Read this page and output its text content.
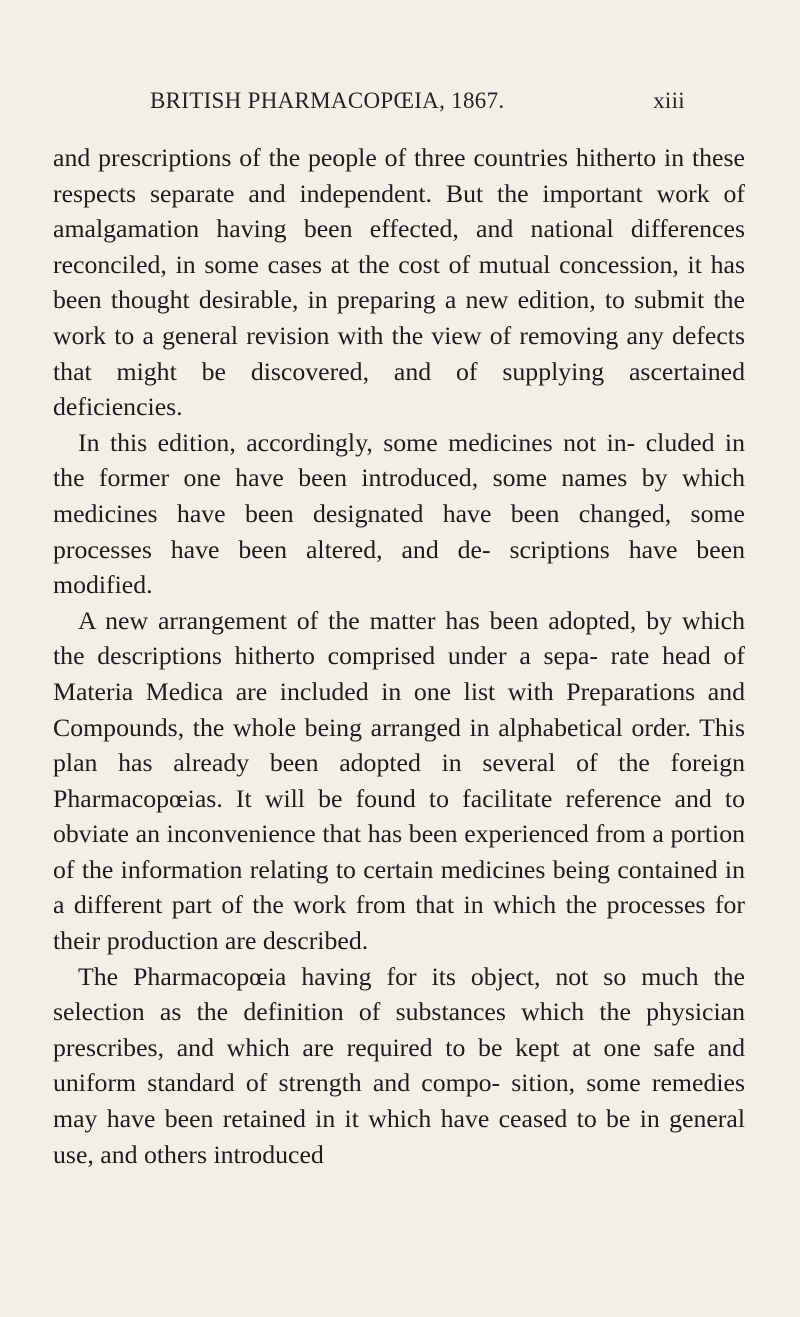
BRITISH PHARMACOPŒIA, 1867.	xiii

and prescriptions of the people of three countries hitherto in these respects separate and independent. But the important work of amalgamation having been effected, and national differences reconciled, in some cases at the cost of mutual concession, it has been thought desirable, in preparing a new edition, to submit the work to a general revision with the view of removing any defects that might be discovered, and of supplying ascertained deficiencies.

In this edition, accordingly, some medicines not in- cluded in the former one have been introduced, some names by which medicines have been designated have been changed, some processes have been altered, and de- scriptions have been modified.

A new arrangement of the matter has been adopted, by which the descriptions hitherto comprised under a sepa- rate head of Materia Medica are included in one list with Preparations and Compounds, the whole being arranged in alphabetical order. This plan has already been adopted in several of the foreign Pharmacopœias. It will be found to facilitate reference and to obviate an inconvenience that has been experienced from a portion of the information relating to certain medicines being contained in a different part of the work from that in which the processes for their production are described.

The Pharmacopœia having for its object, not so much the selection as the definition of substances which the physician prescribes, and which are required to be kept at one safe and uniform standard of strength and compo- sition, some remedies may have been retained in it which have ceased to be in general use, and others introduced
